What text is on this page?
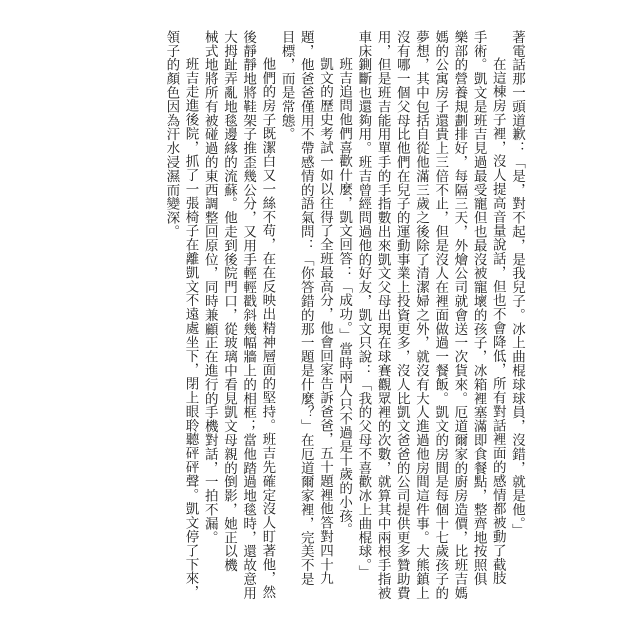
著電話那一頭道歉：「是，對不起，是我兒子。冰上曲棍球球員，沒錯，就是他。」

在這棟房子裡，沒人提高音量說話，但也不會降低，所有對話裡面的感情都被動了截肢
手術。凱文是班吉見過最受寵但也最沒被寵壞的孩子，冰箱裡塞滿即食餐點，整齊地按照俱
樂部的營養規劃排好，每隔三天，外燴公司就會送一次貨來。厄道爾家的廚房造價，比班吉媽
媽的公寓房子還貴上三倍不止，但是沒人在裡面做過一餐飯。凱文的房間是每個十七歲孩子的
夢想，其中包括自從他滿三歲之後除了清潔婦之外，就沒有大人進過他房間這件事。大熊鎮上
沒有哪一個父母比他們在兒子的運動事業上投資更多，沒人比凱文爸爸的公司提供更多贊助費
用，但是班吉能用單手的手指數出來凱文父母出現在球賽觀眾裡的次數，就算其中兩根手指被
車床鍘斷也還夠用。班吉曾經問過他的好友，凱文只說：「我的父母不喜歡冰上曲棍球。」

班吉追問他們喜歡什麼，凱文回答：「成功。」當時兩人只不過是十歲的小孩。

凱文的歷史考試一如以往得了全班最高分，他會回家告訴爸爸，五十題裡他答對四十九
題，他爸爸僅用不帶感情的語氣問：「你答錯的那一題是什麼？」在厄道爾家裡，完美不是
目標，而是常態。

他們的房子既潔白又一絲不苟，在在反映出精神層面的堅持。班吉先確定沒人盯著他，然
後靜靜地將鞋架子推歪幾公分，又用手輕輕戳斜幾幅牆上的相框；當他踏過地毯時，還故意用
大拇趾弄亂地毯邊緣的流蘇。他走到後院門口，從玻璃中看見凱文母親的倒影，她正以機
械式地將所有被碰過的東西調整回原位，同時兼顧正在進行的手機對話，一拍不漏。

班吉走進後院，抓了一張椅子在離凱文不遠處坐下，閉上眼聆聽砰砰聲。凱文停了下來，
領子的顏色因為汗水浸濕而變深。
